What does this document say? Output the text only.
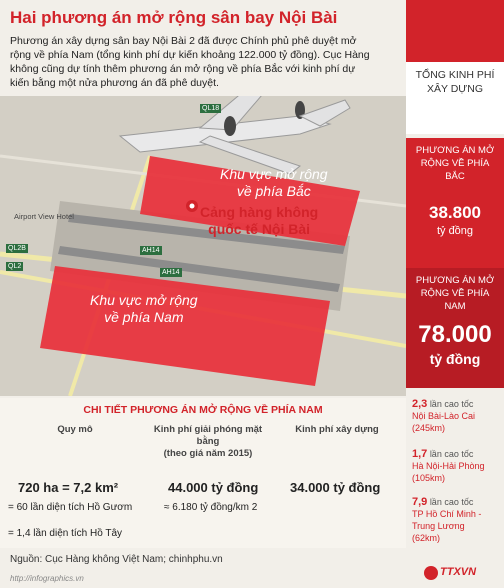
Hai phương án mở rộng sân bay Nội Bài
Phương án xây dựng sân bay Nội Bài 2 đã được Chính phủ phê duyệt mở rộng về phía Nam (tổng kinh phí dự kiến khoảng 122.000 tỷ đồng). Cục Hàng không cũng dự tính thêm phương án mở rộng về phía Bắc với kinh phí dự kiến bằng một nửa phương án đã phê duyệt.
Khu vực mở rộng
về phía Bắc
Khu vực mở rộng
về phía Nam
Cảng hàng không
quốc tế Nội Bài
Airport View Hotel
AH14
AH14
QL2B
QL18
QL2
CHI TIẾT PHƯƠNG ÁN MỞ RỘNG VỀ PHÍA NAM
Quy mô	Kinh phí giải phóng mặt bằng
(theo giá năm 2015)
Kinh phí xây dựng
720 ha = 7,2 km²
= 60 lần diện tích Hồ Gươm
= 1,4 lần diện tích Hồ Tây
44.000 tỷ đồng
≈ 6.180 tỷ đồng/km 2
34.000 tỷ đồng
Nguồn: Cục Hàng không Việt Nam; chinhphu.vn
http://infographics.vn
TỔNG KINH PHÍ XÂY DỰNG
PHƯƠNG ÁN MỞ RỘNG VỀ PHÍA BẮC
38.800
tỷ đồng
PHƯƠNG ÁN MỞ RỘNG VỀ PHÍA NAM
78.000
tỷ đồng
2,3 lần cao tốc
Nội Bài-Lào Cai
(245km)
1,7 lần cao tốc
Hà Nội-Hải Phòng
(105km)
7,9 lần cao tốc
TP Hồ Chí Minh - Trung Lương
(62km)
TTXVN
